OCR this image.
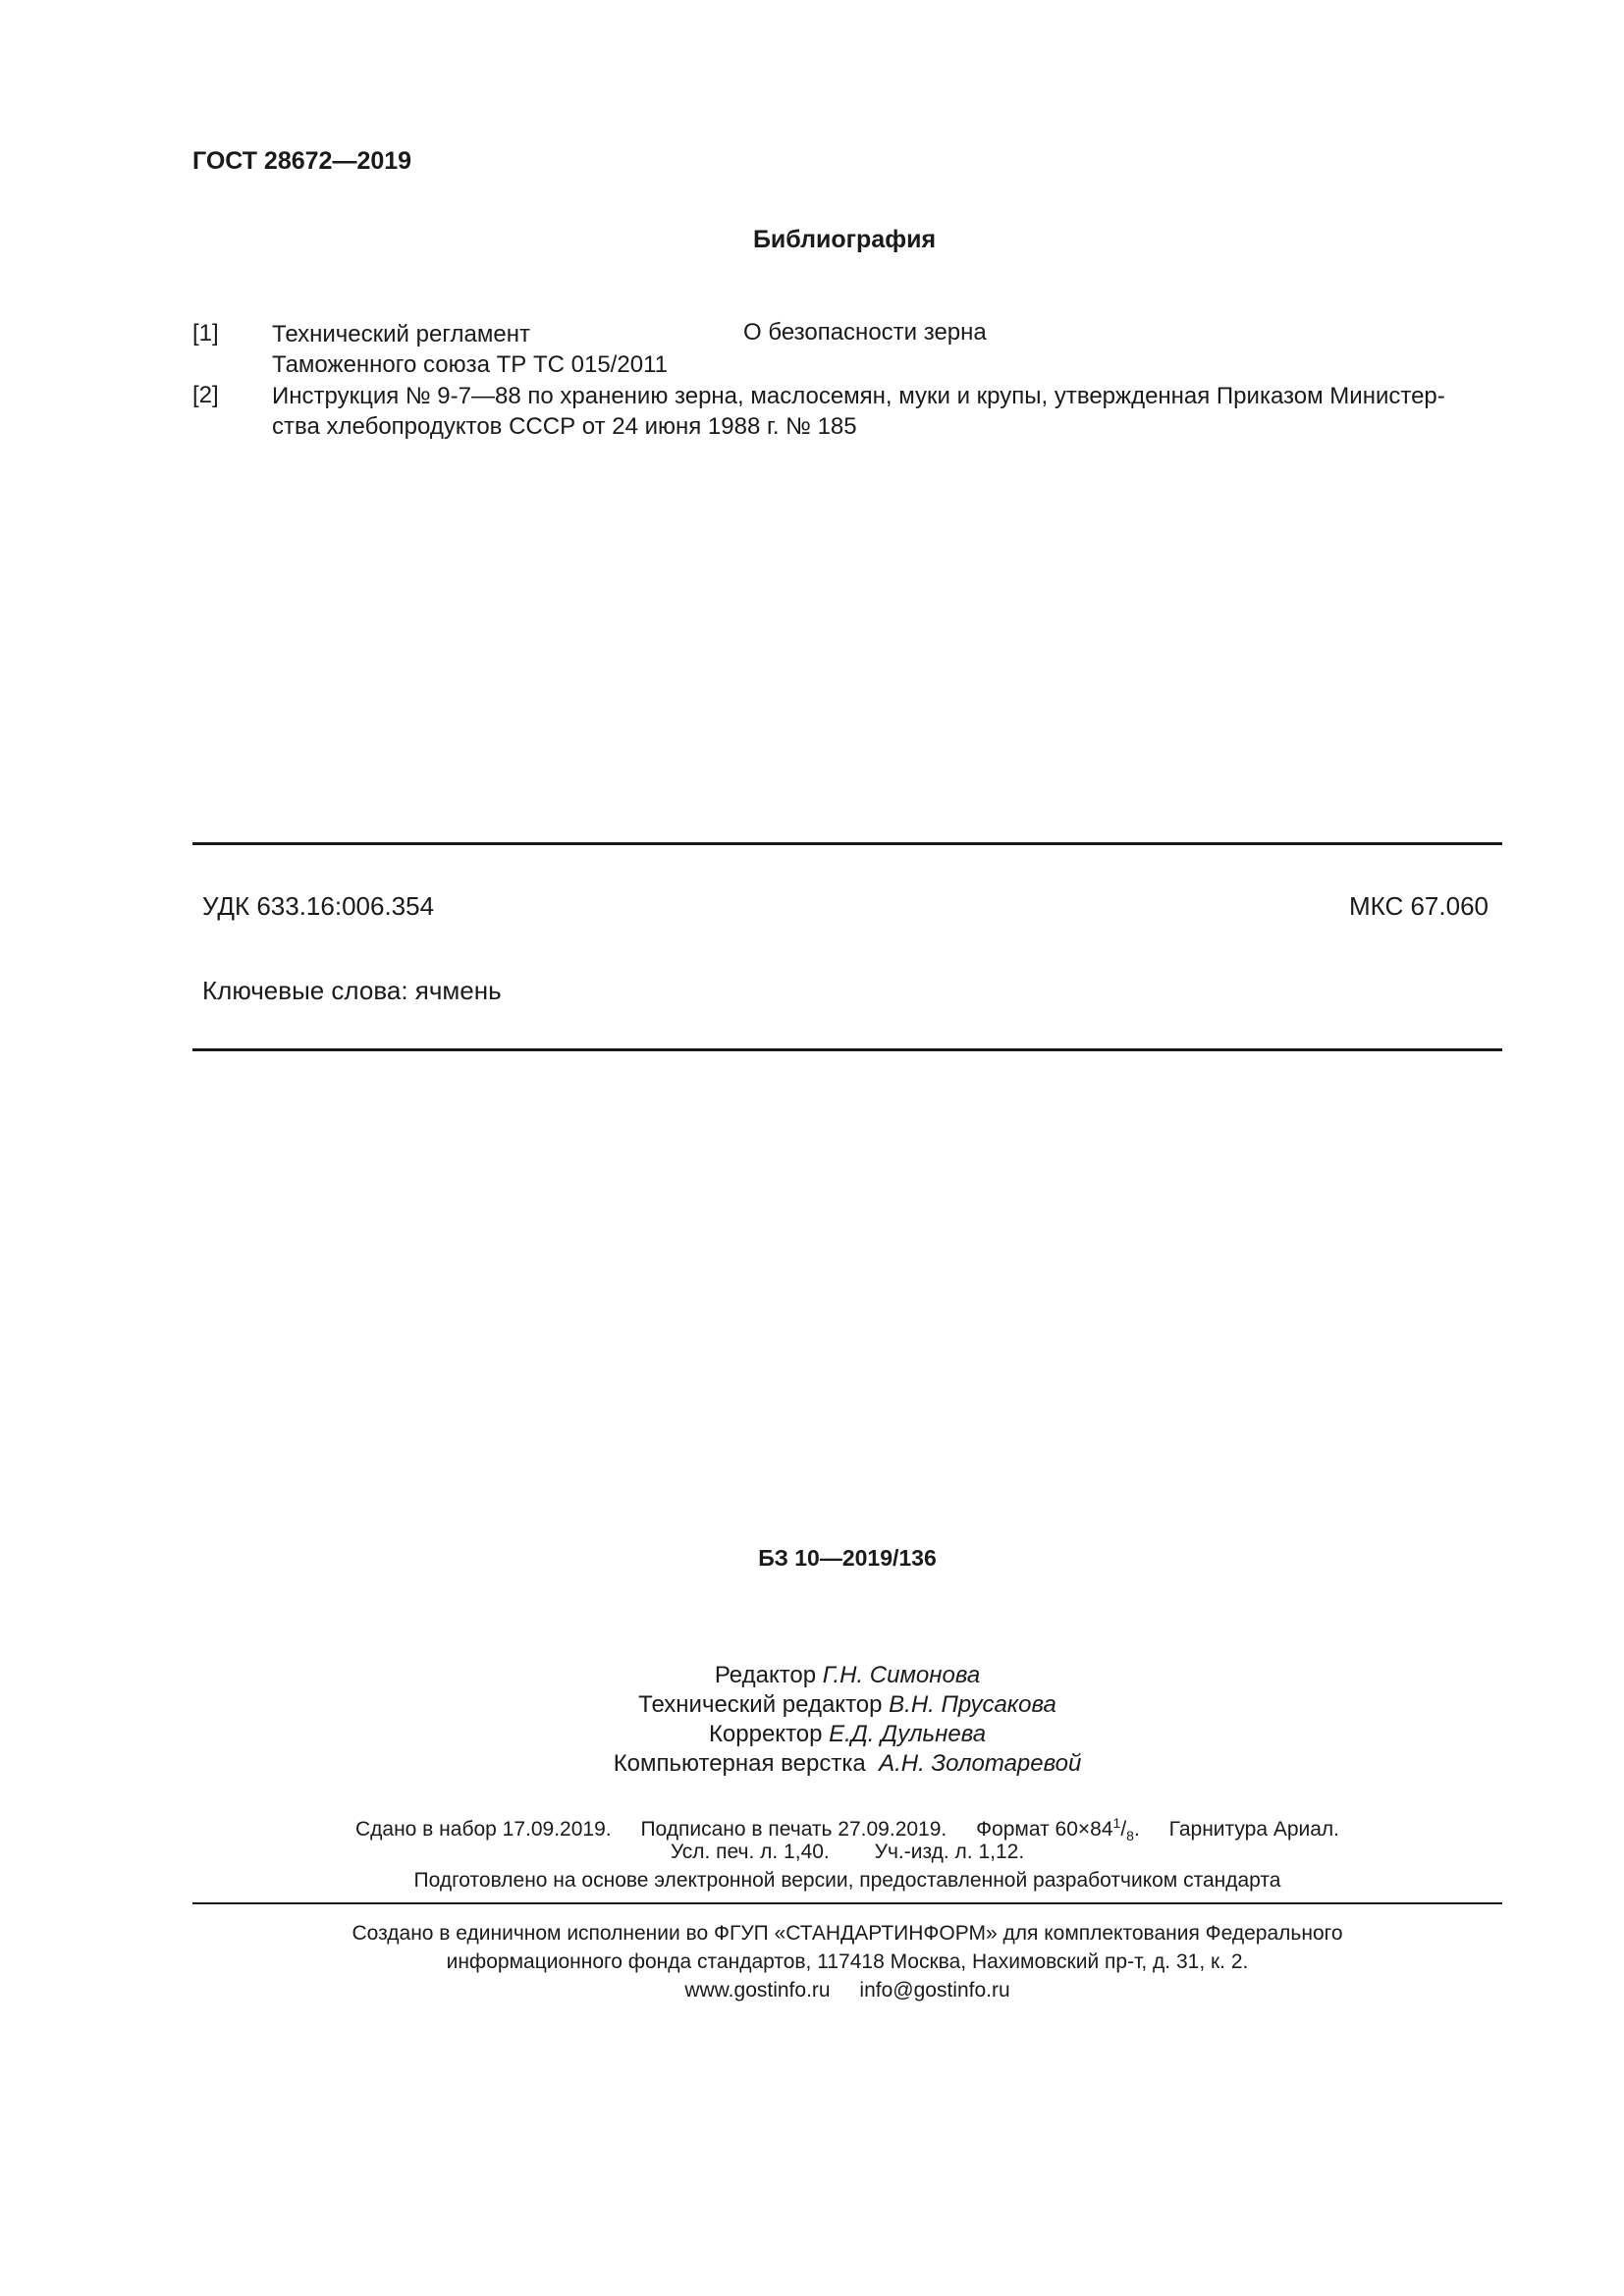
ГОСТ 28672—2019
Библиография
[1] Технический регламент
Таможенного союза ТР ТС 015/2011
О безопасности зерна
[2] Инструкция № 9-7—88 по хранению зерна, маслосемян, муки и крупы, утвержденная Приказом Министер-
ства хлебопродуктов СССР от 24 июня 1988 г. № 185
УДК 633.16:006.354	МКС 67.060
Ключевые слова: ячмень
БЗ 10—2019/136
Редактор Г.Н. Симонова
Технический редактор В.Н. Прусакова
Корректор Е.Д. Дульнева
Компьютерная верстка А.Н. Золотаревой
Сдано в набор 17.09.2019. Подписано в печать 27.09.2019. Формат $60\times 84^1/_8$. Гарнитура Ариал.
Усл. печ. л. 1,40. Уч.-изд. л. 1,12.
Подготовлено на основе электронной версии, предоставленной разработчиком стандарта
Создано в единичном исполнении во ФГУП «СТАНДАРТИНФОРМ» для комплектования Федерального
информационного фонда стандартов, 117418 Москва, Нахимовский пр-т, д. 31, к. 2.
www.gostinfo.ru info@gostinfo.ru
